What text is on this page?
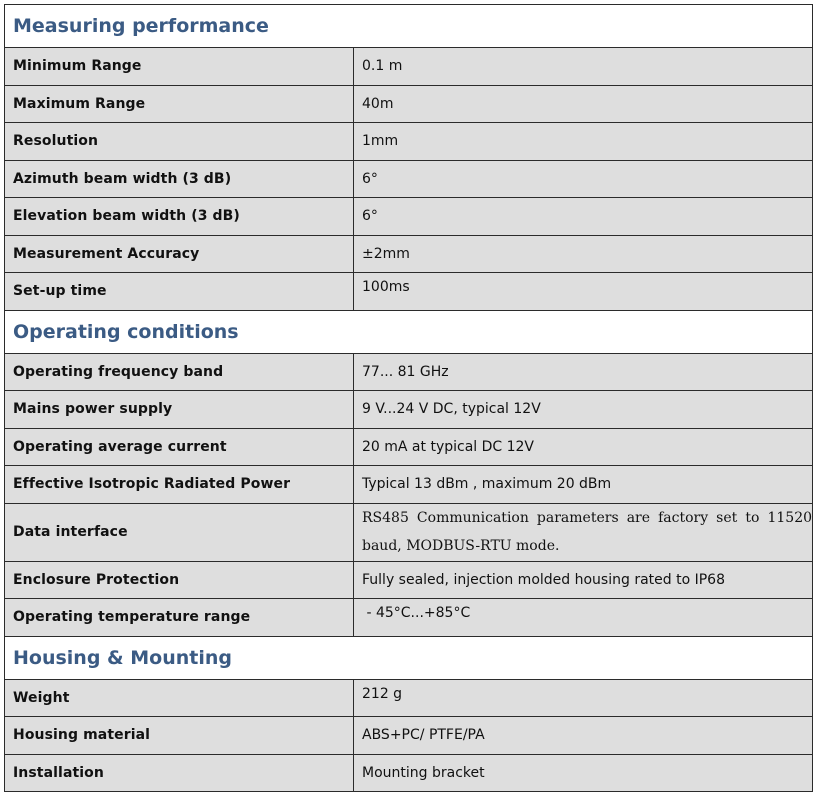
Measuring performance	
Minimum Range	0.1 m
Maximum Range	40m
Resolution	1mm
Azimuth beam width (3 dB)	6°
Elevation beam width (3 dB)	6°
Measurement Accuracy	±2mm
Set-up time	100ms
Operating conditions	
Operating frequency band	77... 81 GHz
Mains power supply	9 V...24 V DC, typical 12V
Operating average current	20 mA at typical DC 12V
Effective Isotropic Radiated Power	Typical 13 dBm , maximum 20 dBm
Data interface	RS485 Communication parameters are factory set to 11520 baud, MODBUS-RTU mode.
Enclosure Protection	Fully sealed, injection molded housing rated to IP68
Operating temperature range	- 45°C...+85°C
Housing & Mounting	
Weight	212 g
Housing material	ABS+PC/ PTFE/PA
Installation	Mounting bracket
